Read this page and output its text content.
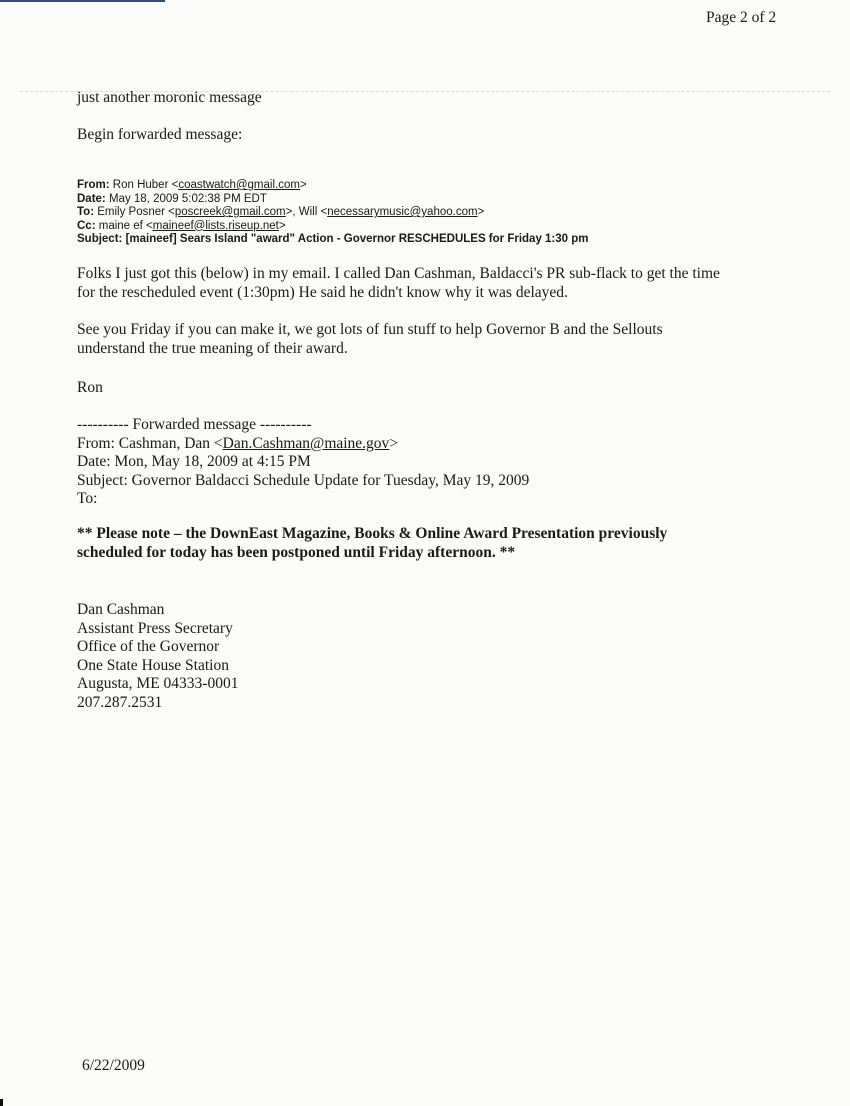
Page 2 of 2
just another moronic message
Begin forwarded message:
From: Ron Huber <coastwatch@gmail.com>
Date: May 18, 2009 5:02:38 PM EDT
To: Emily Posner <poscreek@gmail.com>, Will <necessarymusic@yahoo.com>
Cc: maine ef <maineef@lists.riseup.net>
Subject: [maineef] Sears Island "award" Action - Governor RESCHEDULES for Friday 1:30 pm
Folks I just got this (below) in my email. I called Dan Cashman, Baldacci's PR sub-flack to get the time
for the rescheduled event (1:30pm) He said he didn't know why it was delayed.
See you Friday if you can make it, we got lots of fun stuff to help Governor B and the Sellouts
understand the true meaning of their award.
Ron
---------- Forwarded message ----------
From: Cashman, Dan <Dan.Cashman@maine.gov>
Date: Mon, May 18, 2009 at 4:15 PM
Subject: Governor Baldacci Schedule Update for Tuesday, May 19, 2009
To:
** Please note – the DownEast Magazine, Books & Online Award Presentation previously
scheduled for today has been postponed until Friday afternoon. **
Dan Cashman
Assistant Press Secretary
Office of the Governor
One State House Station
Augusta, ME 04333-0001
207.287.2531
6/22/2009
